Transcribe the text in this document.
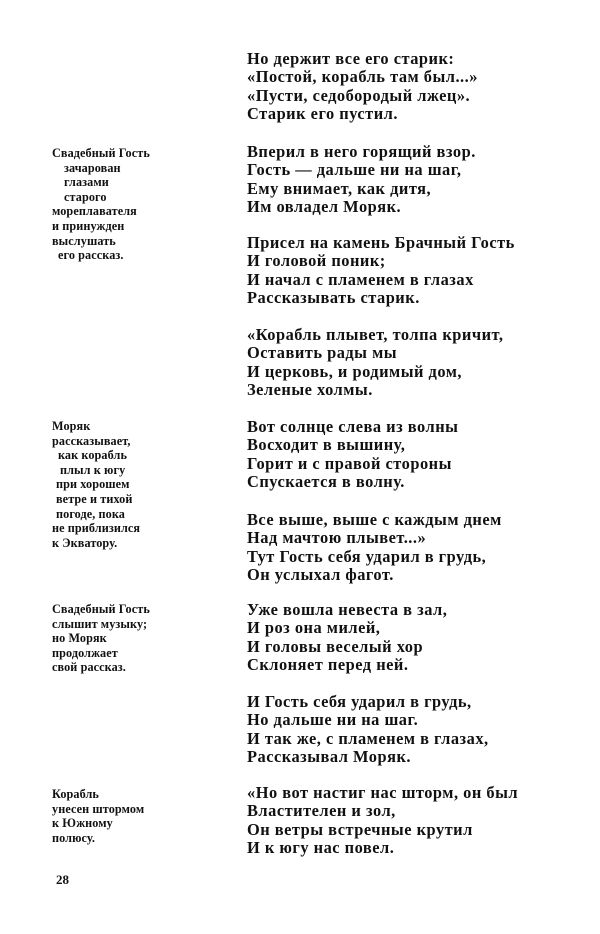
Свадебный Гость
зачарован
глазами
старого
мореплавателя
и принужден
выслушать
его рассказ.
Моряк
рассказывает,
как корабль
плыл к югу
при хорошем
ветре и тихой
погоде, пока
не приблизился
к Экватору.
Свадебный Гость
слышит музыку;
но Моряк
продолжает
свой рассказ.
Корабль
унесен штормом
к Южному
полюсу.
Но держит все его старик:
«Постой, корабль там был...»
«Пусти, седобородый лжец».
Старик его пустил.
Вперил в него горящий взор.
Гость — дальше ни на шаг,
Ему внимает, как дитя,
Им овладел Моряк.
Присел на камень Брачный Гость
И головой поник;
И начал с пламенем в глазах
Рассказывать старик.
«Корабль плывет, толпа кричит,
Оставить рады мы
И церковь, и родимый дом,
Зеленые холмы.
Вот солнце слева из волны
Восходит в вышину,
Горит и с правой стороны
Спускается в волну.
Все выше, выше с каждым днем
Над мачтою плывет...»
Тут Гость себя ударил в грудь,
Он услыхал фагот.
Уже вошла невеста в зал,
И роз она милей,
И головы веселый хор
Склоняет перед ней.
И Гость себя ударил в грудь,
Но дальше ни на шаг.
И так же, с пламенем в глазах,
Рассказывал Моряк.
«Но вот настиг нас шторм, он был
Властителен и зол,
Он ветры встречные крутил
И к югу нас повел.
28
